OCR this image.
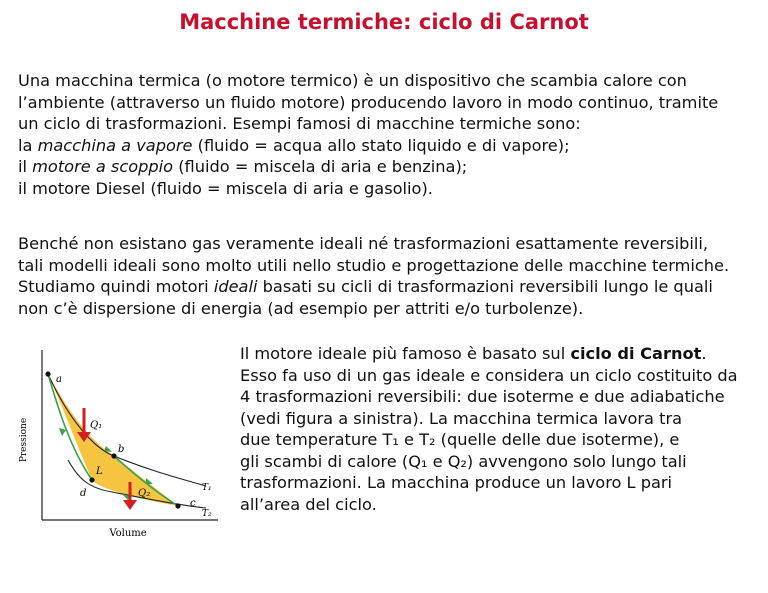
Macchine termiche: ciclo di Carnot
Una macchina termica (o motore termico) è un dispositivo che scambia calore con
l’ambiente (attraverso un fluido motore) producendo lavoro in modo continuo, tramite
un ciclo di trasformazioni. Esempi famosi di macchine termiche sono:
la macchina a vapore (fluido = acqua allo stato liquido e di vapore);
il motore a scoppio (fluido = miscela di aria e benzina);
il motore Diesel (fluido = miscela di aria e gasolio).
Benché non esistano gas veramente ideali né trasformazioni esattamente reversibili,
tali modelli ideali sono molto utili nello studio e progettazione delle macchine termiche.
Studiamo quindi motori ideali basati su cicli di trasformazioni reversibili lungo le quali
non c’è dispersione di energia (ad esempio per attriti e/o turbolenze).
Pressione
Volume
a
b
c
d
Q₁
Q₂
L
T₁
T₂
Il motore ideale più famoso è basato sul ciclo di Carnot.
Esso fa uso di un gas ideale e considera un ciclo costituito da
4 trasformazioni reversibili: due isoterme e due adiabatiche
(vedi figura a sinistra). La macchina termica lavora tra
due temperature T₁ e T₂ (quelle delle due isoterme), e
gli scambi di calore (Q₁ e Q₂) avvengono solo lungo tali
trasformazioni. La macchina produce un lavoro L pari
all’area del ciclo.
